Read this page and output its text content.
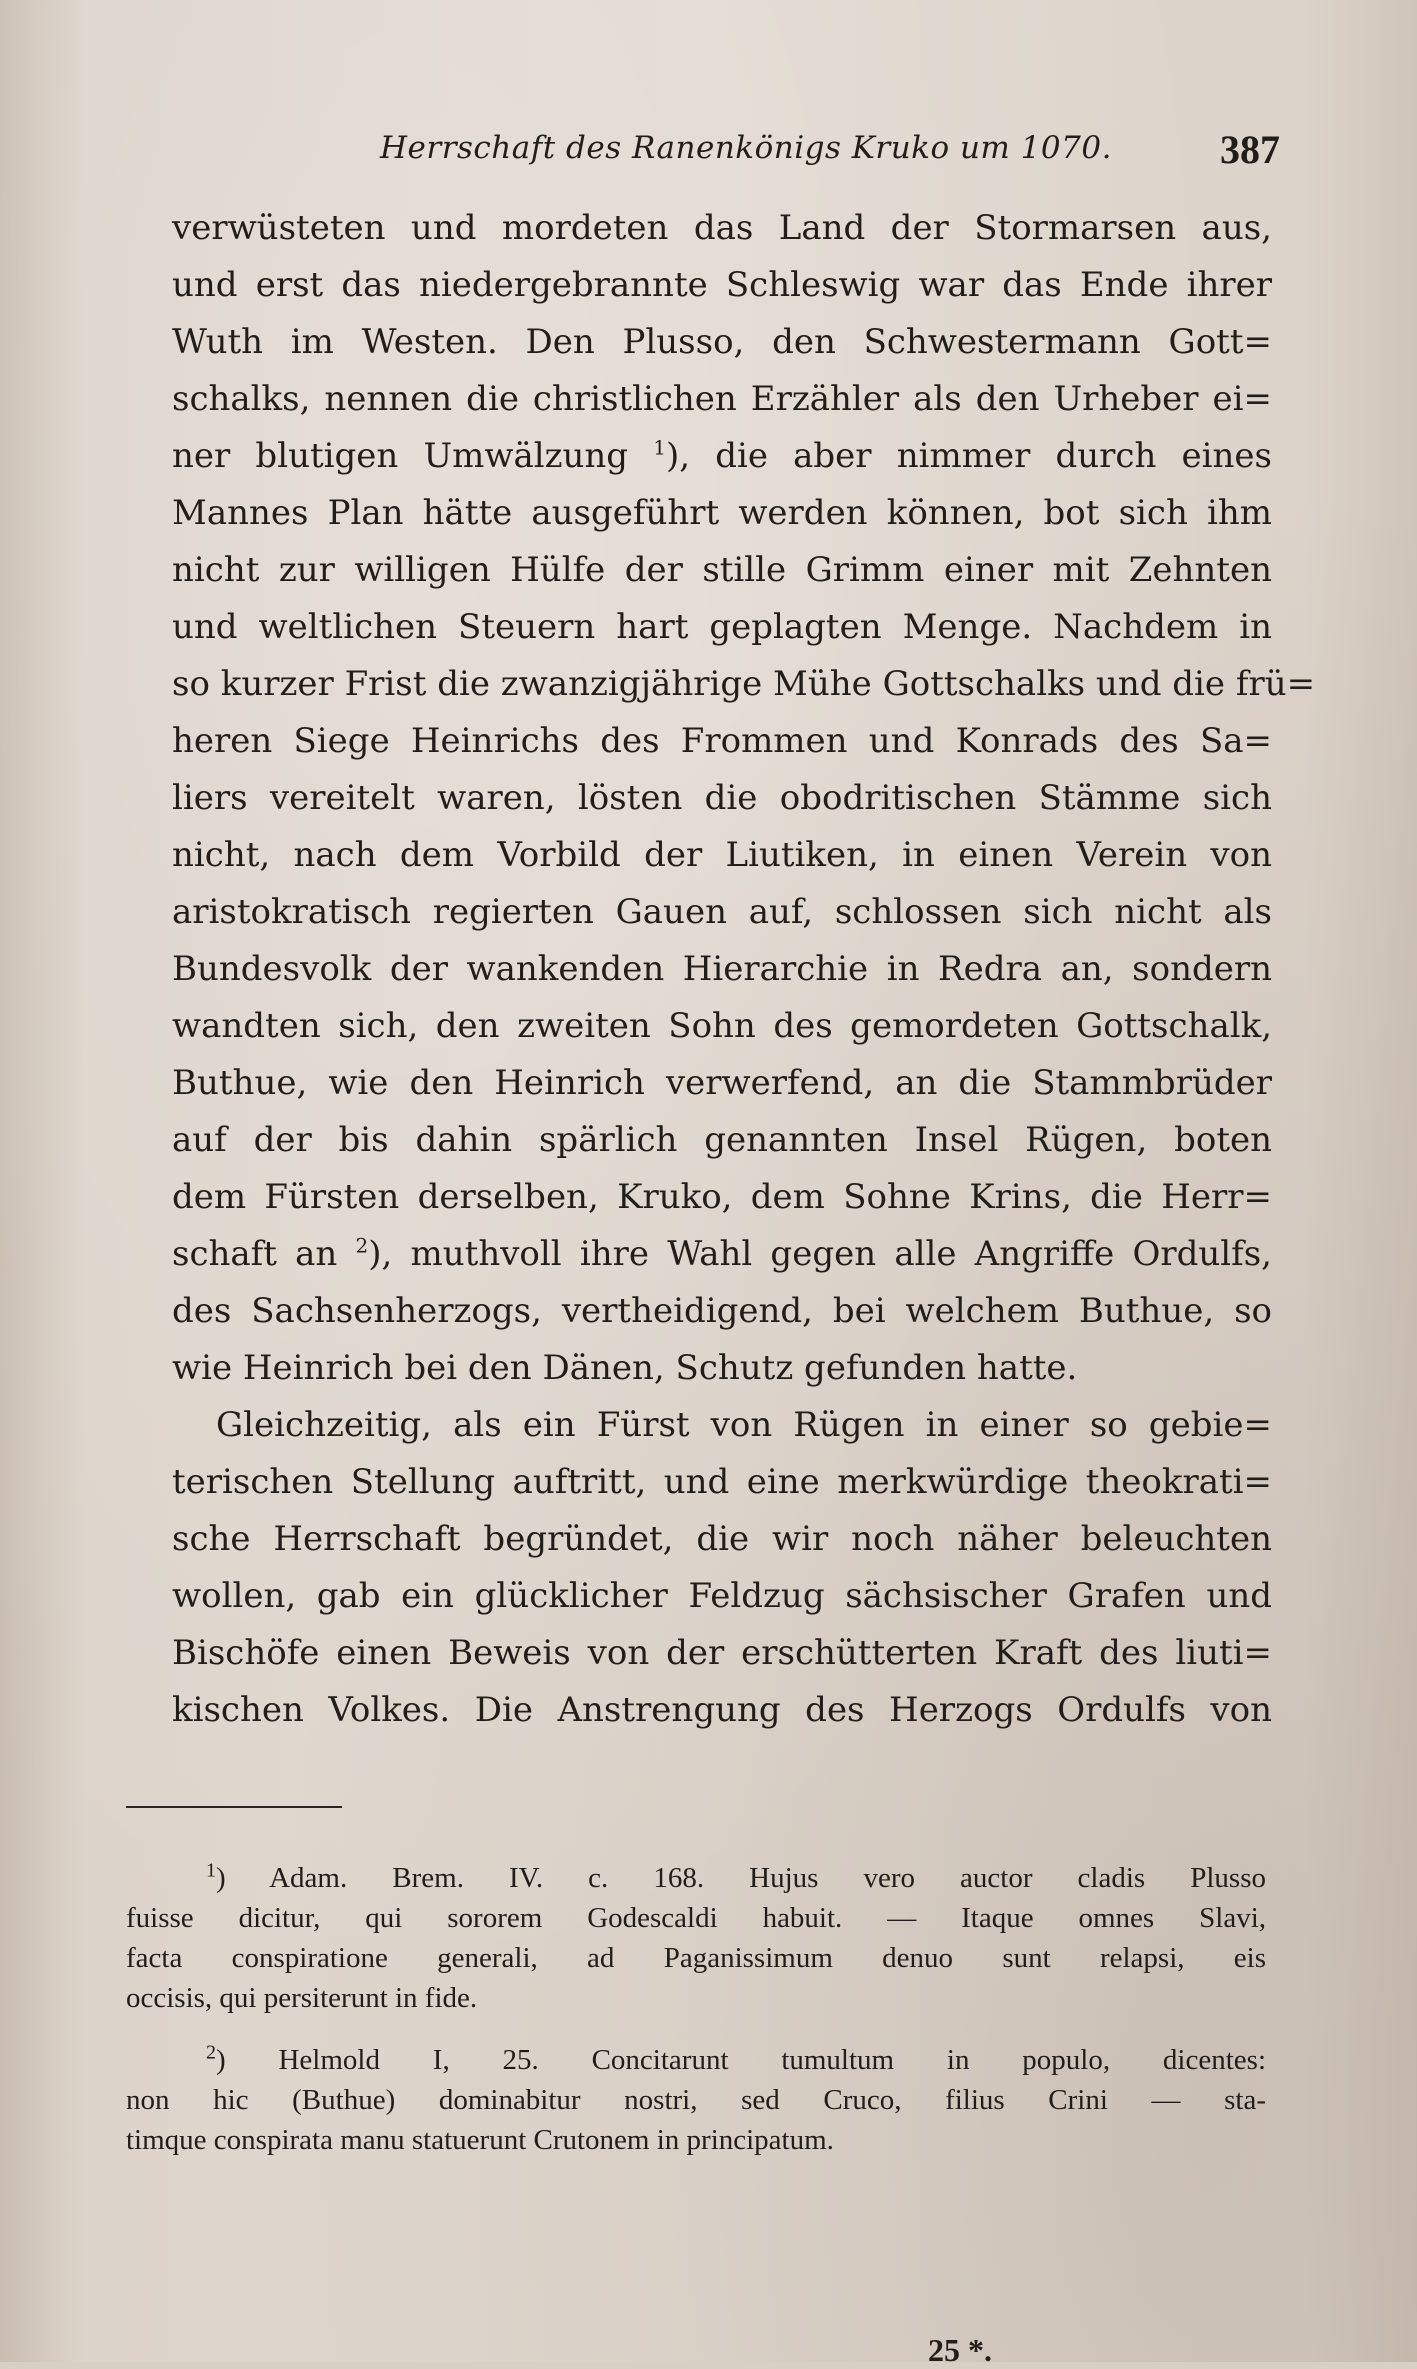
Herrschaft des Ranenkönigs Kruko um 1070.	387
verwüsteten und mordeten das Land der Stormarsen aus,
und erst das niedergebrannte Schleswig war das Ende ihrer
Wuth im Westen. Den Plusso, den Schwestermann Gott=
schalks, nennen die christlichen Erzähler als den Urheber ei=
ner blutigen Umwälzung $^1$), die aber nimmer durch eines
Mannes Plan hätte ausgeführt werden können, bot sich ihm
nicht zur willigen Hülfe der stille Grimm einer mit Zehnten
und weltlichen Steuern hart geplagten Menge. Nachdem in
so kurzer Frist die zwanzigjährige Mühe Gottschalks und die frü=
heren Siege Heinrichs des Frommen und Konrads des Sa=
liers vereitelt waren, lösten die obodritischen Stämme sich
nicht, nach dem Vorbild der Liutiken, in einen Verein von
aristokratisch regierten Gauen auf, schlossen sich nicht als
Bundesvolk der wankenden Hierarchie in Redra an, sondern
wandten sich, den zweiten Sohn des gemordeten Gottschalk,
Buthue, wie den Heinrich verwerfend, an die Stammbrüder
auf der bis dahin spärlich genannten Insel Rügen, boten
dem Fürsten derselben, Kruko, dem Sohne Krins, die Herr=
schaft an $^2$), muthvoll ihre Wahl gegen alle Angriffe Ordulfs,
des Sachsenherzogs, vertheidigend, bei welchem Buthue, so
wie Heinrich bei den Dänen, Schutz gefunden hatte.
Gleichzeitig, als ein Fürst von Rügen in einer so gebie=
terischen Stellung auftritt, und eine merkwürdige theokrati=
sche Herrschaft begründet, die wir noch näher beleuchten
wollen, gab ein glücklicher Feldzug sächsischer Grafen und
Bischöfe einen Beweis von der erschütterten Kraft des liuti=
kischen Volkes. Die Anstrengung des Herzogs Ordulfs von
$^1$) Adam. Brem. IV. c. 168. Hujus vero auctor cladis Plusso
fuisse dicitur, qui sororem Godescaldi habuit. — Itaque omnes Slavi,
facta conspiratione generali, ad Paganissimum denuo sunt relapsi, eis
occisis, qui persiterunt in fide.
$^2$) Helmold I, 25. Concitarunt tumultum in populo, dicentes:
non hic (Buthue) dominabitur nostri, sed Cruco, filius Crini — sta-
timque conspirata manu statuerunt Crutonem in principatum.
25 *.
